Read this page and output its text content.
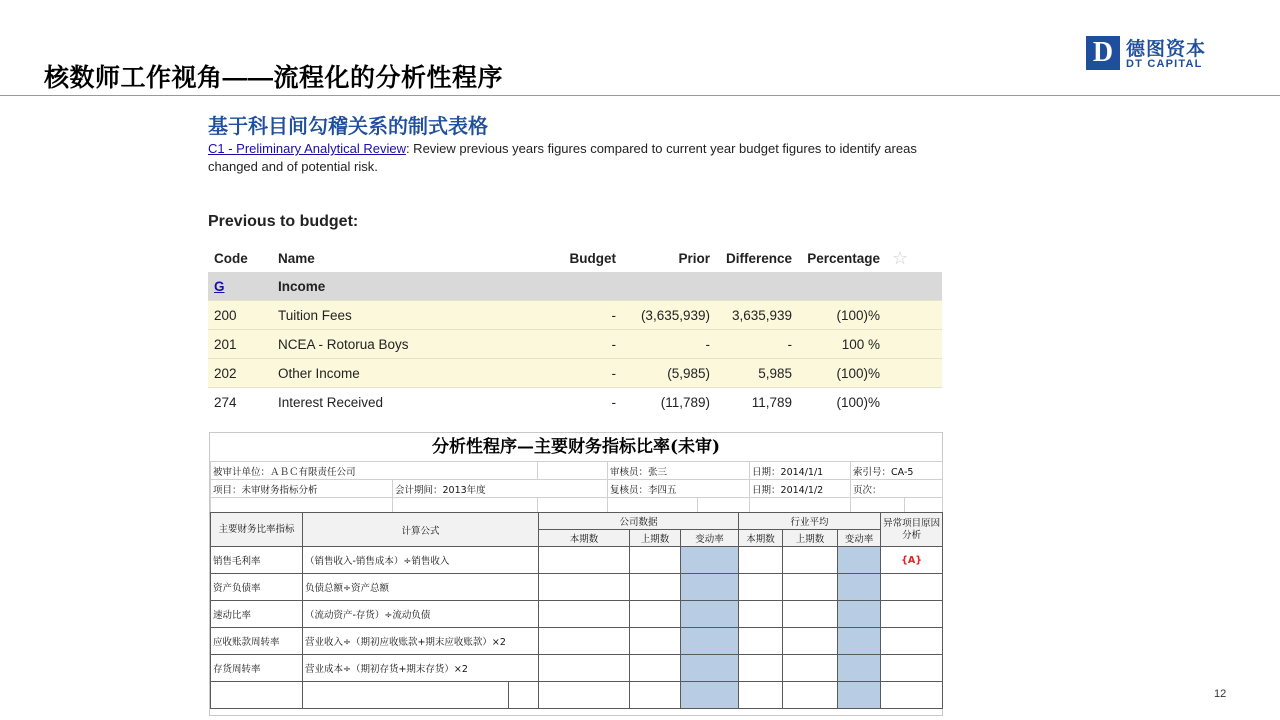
核数师工作视角——流程化的分析性程序
D 德图资本
DT CAPITAL
基于科目间勾稽关系的制式表格
C1 - Preliminary Analytical Review: Review previous years figures compared to current year budget figures to identify areas changed and of potential risk.
Previous to budget:
Code	Name	Budget	Prior	Difference	Percentage	☆
G	Income					
200	Tuition Fees	-	(3,635,939)	3,635,939	(100)%	
201	NCEA - Rotorua Boys	-	-	-	100 %	
202	Other Income	-	(5,985)	5,985	(100)%	
274	Interest Received	-	(11,789)	11,789	(100)%	
分析性程序—主要财务指标比率(未审)
被审计单位：ＡＢＣ有限责任公司			审核员：张三		日期：2014/1/1	索引号：CA-5	
项目：未审财务指标分析	会计期间：2013年度		复核员：李四五		日期：2014/1/2	页次：	

主要财务比率指标	计算公式		公司数据			行业平均			异常项目原因分析
			本期数	上期数	变动率	本期数	上期数	变动率	
销售毛利率	（销售收入-销售成本）÷销售收入								{A}
资产负债率	负债总额÷资产总额								
速动比率	（流动资产-存货）÷流动负债								
应收账款周转率	营业收入÷（期初应收账款+期末应收账款）×2								
存货周转率	营业成本÷（期初存货+期末存货）×2								

12
